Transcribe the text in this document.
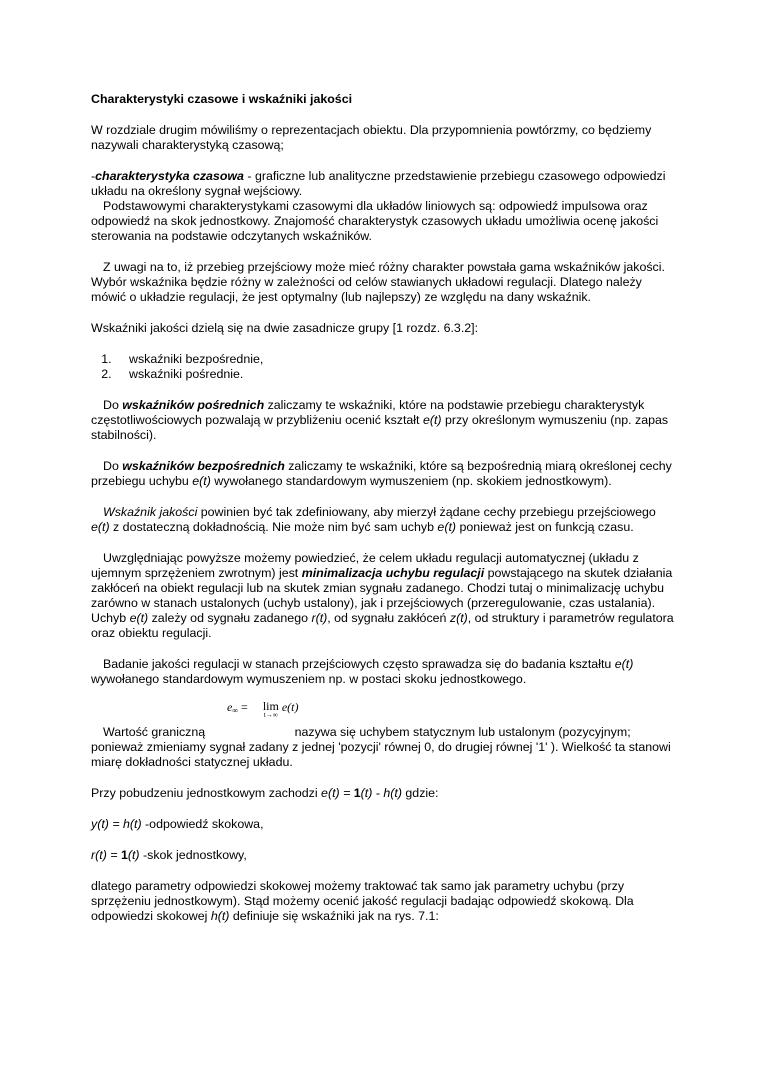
Charakterystyki czasowe i wskaźniki jakości

W rozdziale drugim mówiliśmy o reprezentacjach obiektu. Dla przypomnienia powtórzmy, co będziemy nazywali charakterystyką czasową;

-charakterystyka czasowa - graficzne lub analityczne przedstawienie przebiegu czasowego odpowiedzi układu na określony sygnał wejściowy.

Podstawowymi charakterystykami czasowymi dla układów liniowych są: odpowiedź impulsowa oraz odpowiedź na skok jednostkowy. Znajomość charakterystyk czasowych układu umożliwia ocenę jakości sterowania na podstawie odczytanych wskaźników.

Z uwagi na to, iż przebieg przejściowy może mieć różny charakter powstała gama wskaźników jakości. Wybór wskaźnika będzie różny w zależności od celów stawianych układowi regulacji. Dlatego należy mówić o układzie regulacji, że jest optymalny (lub najlepszy) ze względu na dany wskaźnik.

Wskaźniki jakości dzielą się na dwie zasadnicze grupy [1 rozdz. 6.3.2]:

1. wskaźniki bezpośrednie,
2. wskaźniki pośrednie.

Do wskaźników pośrednich zaliczamy te wskaźniki, które na podstawie przebiegu charakterystyk częstotliwościowych pozwalają w przybliżeniu ocenić kształt e(t) przy określonym wymuszeniu (np. zapas stabilności).

Do wskaźników bezpośrednich zaliczamy te wskaźniki, które są bezpośrednią miarą określonej cechy przebiegu uchybu e(t) wywołanego standardowym wymuszeniem (np. skokiem jednostkowym).

Wskaźnik jakości powinien być tak zdefiniowany, aby mierzył żądane cechy przebiegu przejściowego e(t) z dostateczną dokładnością. Nie może nim być sam uchyb e(t) ponieważ jest on funkcją czasu.

Uwzględniając powyższe możemy powiedzieć, że celem układu regulacji automatycznej (układu z ujemnym sprzężeniem zwrotnym) jest minimalizacja uchybu regulacji powstającego na skutek działania zakłóceń na obiekt regulacji lub na skutek zmian sygnału zadanego. Chodzi tutaj o minimalizację uchybu zarówno w stanach ustalonych (uchyb ustalony), jak i przejściowych (przeregulowanie, czas ustalania). Uchyb e(t) zależy od sygnału zadanego r(t), od sygnału zakłóceń z(t), od struktury i parametrów regulatora oraz obiektu regulacji.

Badanie jakości regulacji w stanach przejściowych często sprawadza się do badania kształtu e(t) wywołanego standardowym wymuszeniem np. w postaci skoku jednostkowego.

e∞ = lim
t→∞
e(t)
Wartość graniczną	nazywa się uchybem statycznym lub ustalonym (pozycyjnym; ponieważ zmieniamy sygnał zadany z jednej 'pozycji' równej 0, do drugiej równej '1' ). Wielkość ta stanowi miarę dokładności statycznej układu.

Przy pobudzeniu jednostkowym zachodzi e(t) = 1(t) - h(t) gdzie:

y(t) = h(t) -odpowiedź skokowa,

r(t) = 1(t) -skok jednostkowy,

dlatego parametry odpowiedzi skokowej możemy traktować tak samo jak parametry uchybu (przy sprzężeniu jednostkowym). Stąd możemy ocenić jakość regulacji badając odpowiedź skokową. Dla odpowiedzi skokowej h(t) definiuje się wskaźniki jak na rys. 7.1:
